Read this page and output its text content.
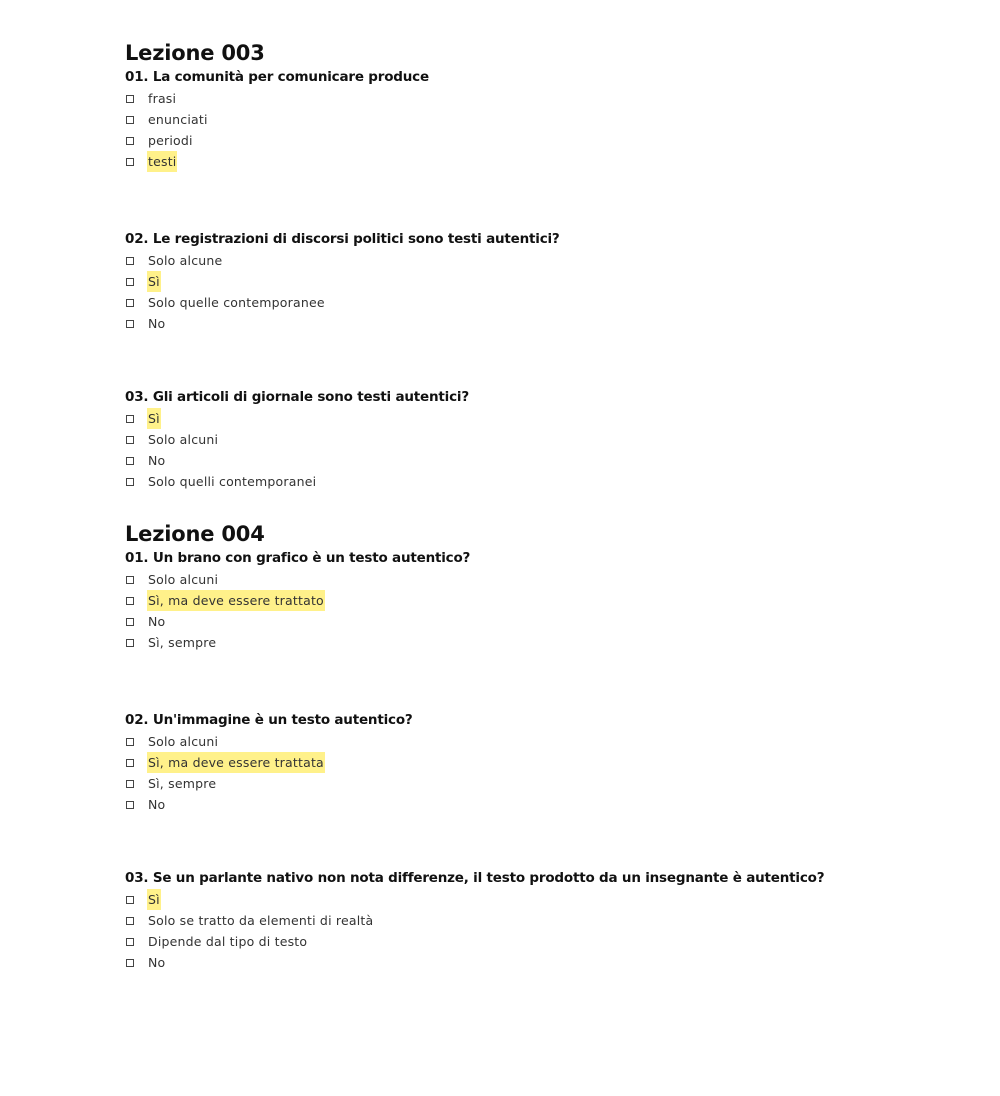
Lezione 003
01. La comunità per comunicare produce
frasi
enunciati
periodi
testi
02. Le registrazioni di discorsi politici sono testi autentici?
Solo alcune
Sì
Solo quelle contemporanee
No
03. Gli articoli di giornale sono testi autentici?
Sì
Solo alcuni
No
Solo quelli contemporanei
Lezione 004
01. Un brano con grafico è un testo autentico?
Solo alcuni
Sì, ma deve essere trattato
No
Sì, sempre
02. Un'immagine è un testo autentico?
Solo alcuni
Sì, ma deve essere trattata
Sì, sempre
No
03. Se un parlante nativo non nota differenze, il testo prodotto da un insegnante è autentico?
Sì
Solo se tratto da elementi di realtà
Dipende dal tipo di testo
No
